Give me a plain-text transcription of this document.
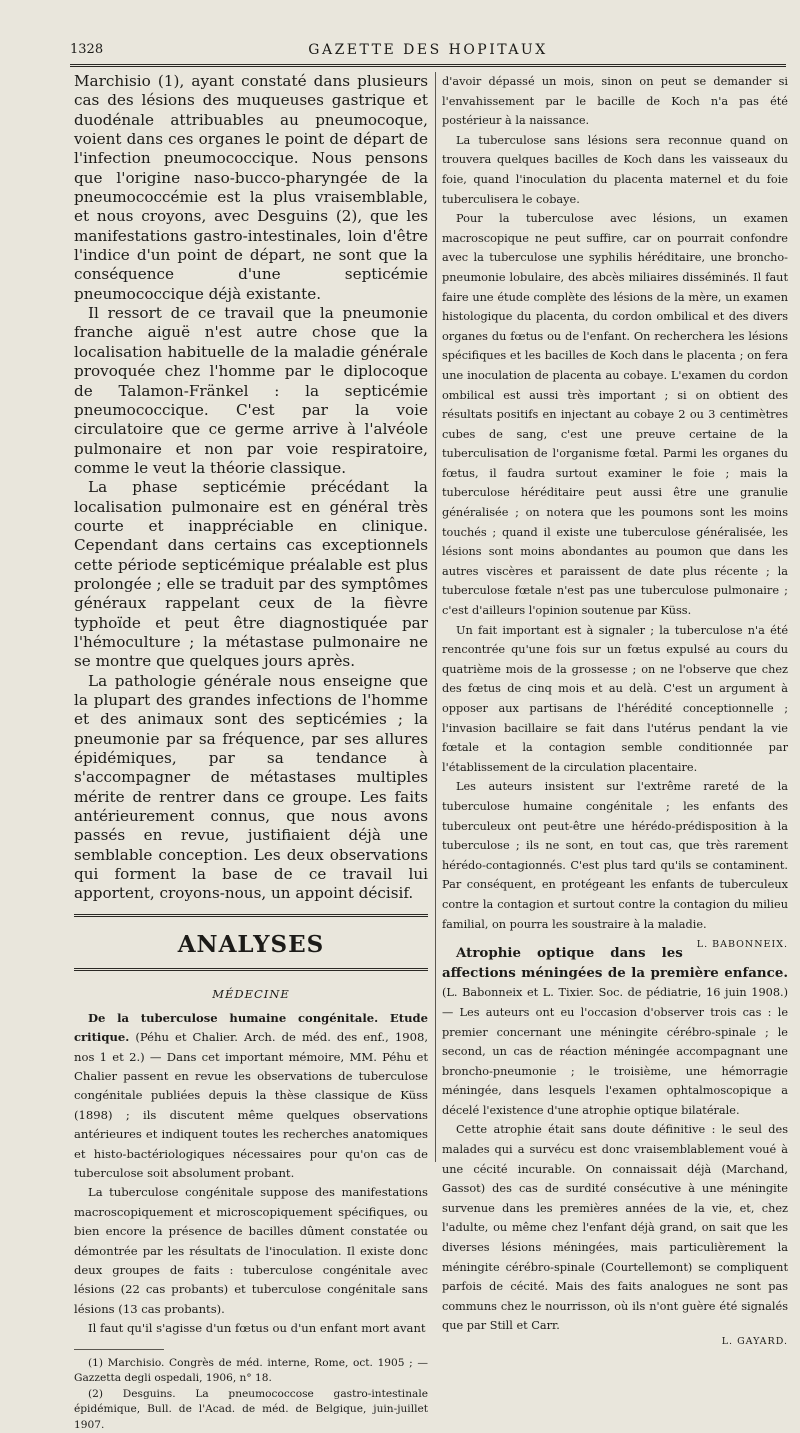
1328	GAZETTE DES HOPITAUX

Marchisio (1), ayant constaté dans plusieurs cas des lésions des muqueuses gastrique et duodénale attribuables au pneumocoque, voient dans ces organes le point de départ de l'infection pneumococcique. Nous pensons que l'origine naso-bucco-pharyngée de la pneumococcémie est la plus vraisemblable, et nous croyons, avec Desguins (2), que les manifestations gastro-intestinales, loin d'être l'indice d'un point de départ, ne sont que la conséquence d'une septicémie pneumococcique déjà existante.

Il ressort de ce travail que la pneumonie franche aiguë n'est autre chose que la localisation habituelle de la maladie générale provoquée chez l'homme par le diplocoque de Talamon-Fränkel : la septicémie pneumococcique. C'est par la voie circulatoire que ce germe arrive à l'alvéole pulmonaire et non par voie respiratoire, comme le veut la théorie classique.

La phase septicémie précédant la localisation pulmonaire est en général très courte et inappréciable en clinique. Cependant dans certains cas exceptionnels cette période septicémique préalable est plus prolongée ; elle se traduit par des symptômes généraux rappelant ceux de la fièvre typhoïde et peut être diagnostiquée par l'hémoculture ; la métastase pulmonaire ne se montre que quelques jours après.

La pathologie générale nous enseigne que la plupart des grandes infections de l'homme et des animaux sont des septicémies ; la pneumonie par sa fréquence, par ses allures épidémiques, par sa tendance à s'accompagner de métastases multiples mérite de rentrer dans ce groupe. Les faits antérieurement connus, que nous avons passés en revue, justifiaient déjà une semblable conception. Les deux observations qui forment la base de ce travail lui apportent, croyons-nous, un appoint décisif.

ANALYSES
MÉDECINE

De la tuberculose humaine congénitale. Etude critique. (Péhu et Chalier. Arch. de méd. des enf., 1908, nos 1 et 2.) — Dans cet important mémoire, MM. Péhu et Chalier passent en revue les observations de tuberculose congénitale publiées depuis la thèse classique de Küss (1898) ; ils discutent même quelques observations antérieures et indiquent toutes les recherches anatomiques et histo-bactériologiques nécessaires pour qu'on cas de tuberculose soit absolument probant.

La tuberculose congénitale suppose des manifestations macroscopiquement et microscopiquement spécifiques, ou bien encore la présence de bacilles dûment constatée ou démontrée par les résultats de l'inoculation. Il existe donc deux groupes de faits : tuberculose congénitale avec lésions (22 cas probants) et tuberculose congénitale sans lésions (13 cas probants).

Il faut qu'il s'agisse d'un fœtus ou d'un enfant mort avant

(1) Marchisio. Congrès de méd. interne, Rome, oct. 1905 ; — Gazzetta degli ospedali, 1906, n° 18.

(2) Desguins. La pneumococcose gastro-intestinale épidémique, Bull. de l'Acad. de méd. de Belgique, juin-juillet 1907.

d'avoir dépassé un mois, sinon on peut se demander si l'envahissement par le bacille de Koch n'a pas été postérieur à la naissance.

La tuberculose sans lésions sera reconnue quand on trouvera quelques bacilles de Koch dans les vaisseaux du foie, quand l'inoculation du placenta maternel et du foie tuberculisera le cobaye.

Pour la tuberculose avec lésions, un examen macroscopique ne peut suffire, car on pourrait confondre avec la tuberculose une syphilis héréditaire, une broncho-pneumonie lobulaire, des abcès miliaires disséminés. Il faut faire une étude complète des lésions de la mère, un examen histologique du placenta, du cordon ombilical et des divers organes du fœtus ou de l'enfant. On recherchera les lésions spécifiques et les bacilles de Koch dans le placenta ; on fera une inoculation de placenta au cobaye. L'examen du cordon ombilical est aussi très important ; si on obtient des résultats positifs en injectant au cobaye 2 ou 3 centimètres cubes de sang, c'est une preuve certaine de la tuberculisation de l'organisme fœtal. Parmi les organes du fœtus, il faudra surtout examiner le foie ; mais la tuberculose héréditaire peut aussi être une granulie généralisée ; on notera que les poumons sont les moins touchés ; quand il existe une tuberculose généralisée, les lésions sont moins abondantes au poumon que dans les autres viscères et paraissent de date plus récente ; la tuberculose fœtale n'est pas une tuberculose pulmonaire ; c'est d'ailleurs l'opinion soutenue par Küss.

Un fait important est à signaler ; la tuberculose n'a été rencontrée qu'une fois sur un fœtus expulsé au cours du quatrième mois de la grossesse ; on ne l'observe que chez des fœtus de cinq mois et au delà. C'est un argument à opposer aux partisans de l'hérédité conceptionnelle ; l'invasion bacillaire se fait dans l'utérus pendant la vie fœtale et la contagion semble conditionnée par l'établissement de la circulation placentaire.

Les auteurs insistent sur l'extrême rareté de la tuberculose humaine congénitale ; les enfants des tuberculeux ont peut-être une hérédo-prédisposition à la tuberculose ; ils ne sont, en tout cas, que très rarement hérédo-contagionnés. C'est plus tard qu'ils se contaminent. Par conséquent, en protégeant les enfants de tuberculeux contre la contagion et surtout contre la contagion du milieu familial, on pourra les soustraire à la maladie.
L. BABONNEIX.

Atrophie optique dans les affections méningées de la première enfance. (L. Babonneix et L. Tixier. Soc. de pédiatrie, 16 juin 1908.) — Les auteurs ont eu l'occasion d'observer trois cas : le premier concernant une méningite cérébro-spinale ; le second, un cas de réaction méningée accompagnant une broncho-pneumonie ; le troisième, une hémorragie méningée, dans lesquels l'examen ophtalmoscopique a décelé l'existence d'une atrophie optique bilatérale.

Cette atrophie était sans doute définitive : le seul des malades qui a survécu est donc vraisemblablement voué à une cécité incurable. On connaissait déjà (Marchand, Gassot) des cas de surdité consécutive à une méningite survenue dans les premières années de la vie, et, chez l'adulte, ou même chez l'enfant déjà grand, on sait que les diverses lésions méningées, mais particulièrement la méningite cérébro-spinale (Courtellemont) se compliquent parfois de cécité. Mais des faits analogues ne sont pas communs chez le nourrisson, où ils n'ont guère été signalés que par Still et Carr.

L. GAYARD.
